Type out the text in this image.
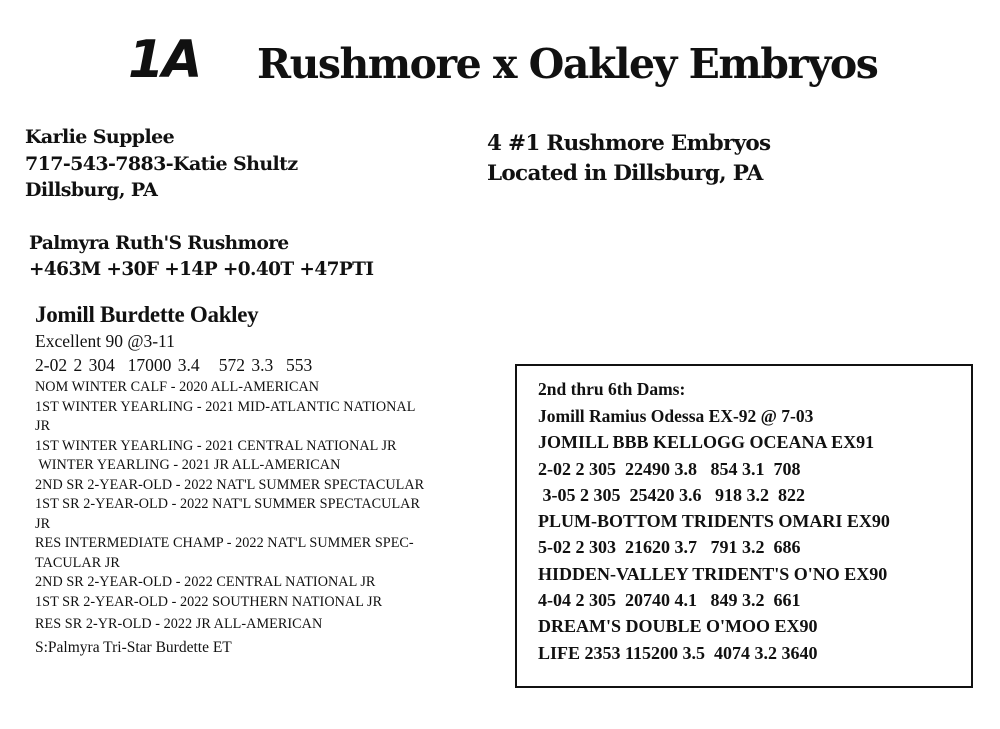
1A Rushmore x Oakley Embryos
Karlie Supplee
717-543-7883-Katie Shultz
Dillsburg, PA
4 #1 Rushmore Embryos
Located in Dillsburg, PA
Palmyra Ruth'S Rushmore
+463M +30F +14P +0.40T +47PTI
Jomill Burdette Oakley
Excellent 90 @3-11
2-02 2 304  17000 3.4   572 3.3  553
NOM WINTER CALF - 2020 ALL-AMERICAN
1ST WINTER YEARLING - 2021 MID-ATLANTIC NATIONAL
JR
1ST WINTER YEARLING - 2021 CENTRAL NATIONAL JR
WINTER YEARLING - 2021 JR ALL-AMERICAN
2ND SR 2-YEAR-OLD - 2022 NAT'L SUMMER SPECTACULAR
1ST SR 2-YEAR-OLD - 2022 NAT'L SUMMER SPECTACULAR
JR
RES INTERMEDIATE CHAMP - 2022 NAT'L SUMMER SPEC-
TACULAR JR
2ND SR 2-YEAR-OLD - 2022 CENTRAL NATIONAL JR
1ST SR 2-YEAR-OLD - 2022 SOUTHERN NATIONAL JR
RES SR 2-YR-OLD - 2022 JR ALL-AMERICAN
S:Palmyra Tri-Star Burdette ET
2nd thru 6th Dams:
Jomill Ramius Odessa EX-92 @ 7-03
JOMILL BBB KELLOGG OCEANA EX91
2-02 2 305  22490 3.8   854 3.1  708
3-05 2 305  25420 3.6   918 3.2  822
PLUM-BOTTOM TRIDENTS OMARI EX90
5-02 2 303  21620 3.7   791 3.2  686
HIDDEN-VALLEY TRIDENT'S O'NO EX90
4-04 2 305  20740 4.1   849 3.2  661
DREAM'S DOUBLE O'MOO EX90
LIFE 2353 115200 3.5  4074 3.2 3640
